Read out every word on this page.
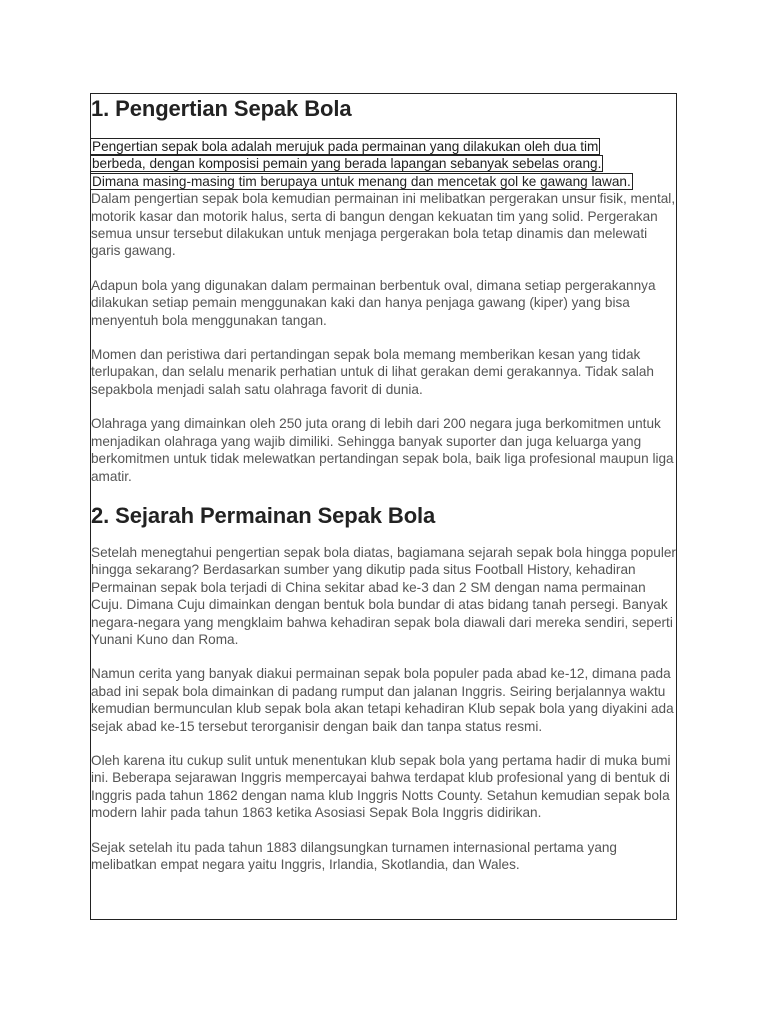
1. Pengertian Sepak Bola
Pengertian sepak bola adalah merujuk pada permainan yang dilakukan oleh dua tim
berbeda, dengan komposisi pemain yang berada lapangan sebanyak sebelas orang.
Dimana masing-masing tim berupaya untuk menang dan mencetak gol ke gawang lawan.

Dalam pengertian sepak bola kemudian permainan ini melibatkan pergerakan unsur fisik, mental, motorik kasar dan motorik halus, serta di bangun dengan kekuatan tim yang solid. Pergerakan semua unsur tersebut dilakukan untuk menjaga pergerakan bola tetap dinamis dan melewati garis gawang.

Adapun bola yang digunakan dalam permainan berbentuk oval, dimana setiap pergerakannya dilakukan setiap pemain menggunakan kaki dan hanya penjaga gawang (kiper) yang bisa menyentuh bola menggunakan tangan.

Momen dan peristiwa dari pertandingan sepak bola memang memberikan kesan yang tidak terlupakan, dan selalu menarik perhatian untuk di lihat gerakan demi gerakannya. Tidak salah sepakbola menjadi salah satu olahraga favorit di dunia.

Olahraga yang dimainkan oleh 250 juta orang di lebih dari 200 negara juga berkomitmen untuk menjadikan olahraga yang wajib dimiliki. Sehingga banyak suporter dan juga keluarga yang berkomitmen untuk tidak melewatkan pertandingan sepak bola, baik liga profesional maupun liga amatir.

2. Sejarah Permainan Sepak Bola

Setelah menegtahui pengertian sepak bola diatas, bagiamana sejarah sepak bola hingga populer hingga sekarang? Berdasarkan sumber yang dikutip pada situs Football History, kehadiran Permainan sepak bola terjadi di China sekitar abad ke-3 dan 2 SM dengan nama permainan Cuju. Dimana Cuju dimainkan dengan bentuk bola bundar di atas bidang tanah persegi. Banyak negara-negara yang mengklaim bahwa kehadiran sepak bola diawali dari mereka sendiri, seperti Yunani Kuno dan Roma.

Namun cerita yang banyak diakui permainan sepak bola populer pada abad ke-12, dimana pada abad ini sepak bola dimainkan di padang rumput dan jalanan Inggris. Seiring berjalannya waktu kemudian bermunculan klub sepak bola akan tetapi kehadiran Klub sepak bola yang diyakini ada sejak abad ke-15 tersebut terorganisir dengan baik dan tanpa status resmi.

Oleh karena itu cukup sulit untuk menentukan klub sepak bola yang pertama hadir di muka bumi ini. Beberapa sejarawan Inggris mempercayai bahwa terdapat klub profesional yang di bentuk di Inggris pada tahun 1862 dengan nama klub Inggris Notts County. Setahun kemudian sepak bola modern lahir pada tahun 1863 ketika Asosiasi Sepak Bola Inggris didirikan.

Sejak setelah itu pada tahun 1883 dilangsungkan turnamen internasional pertama yang melibatkan empat negara yaitu Inggris, Irlandia, Skotlandia, dan Wales.
